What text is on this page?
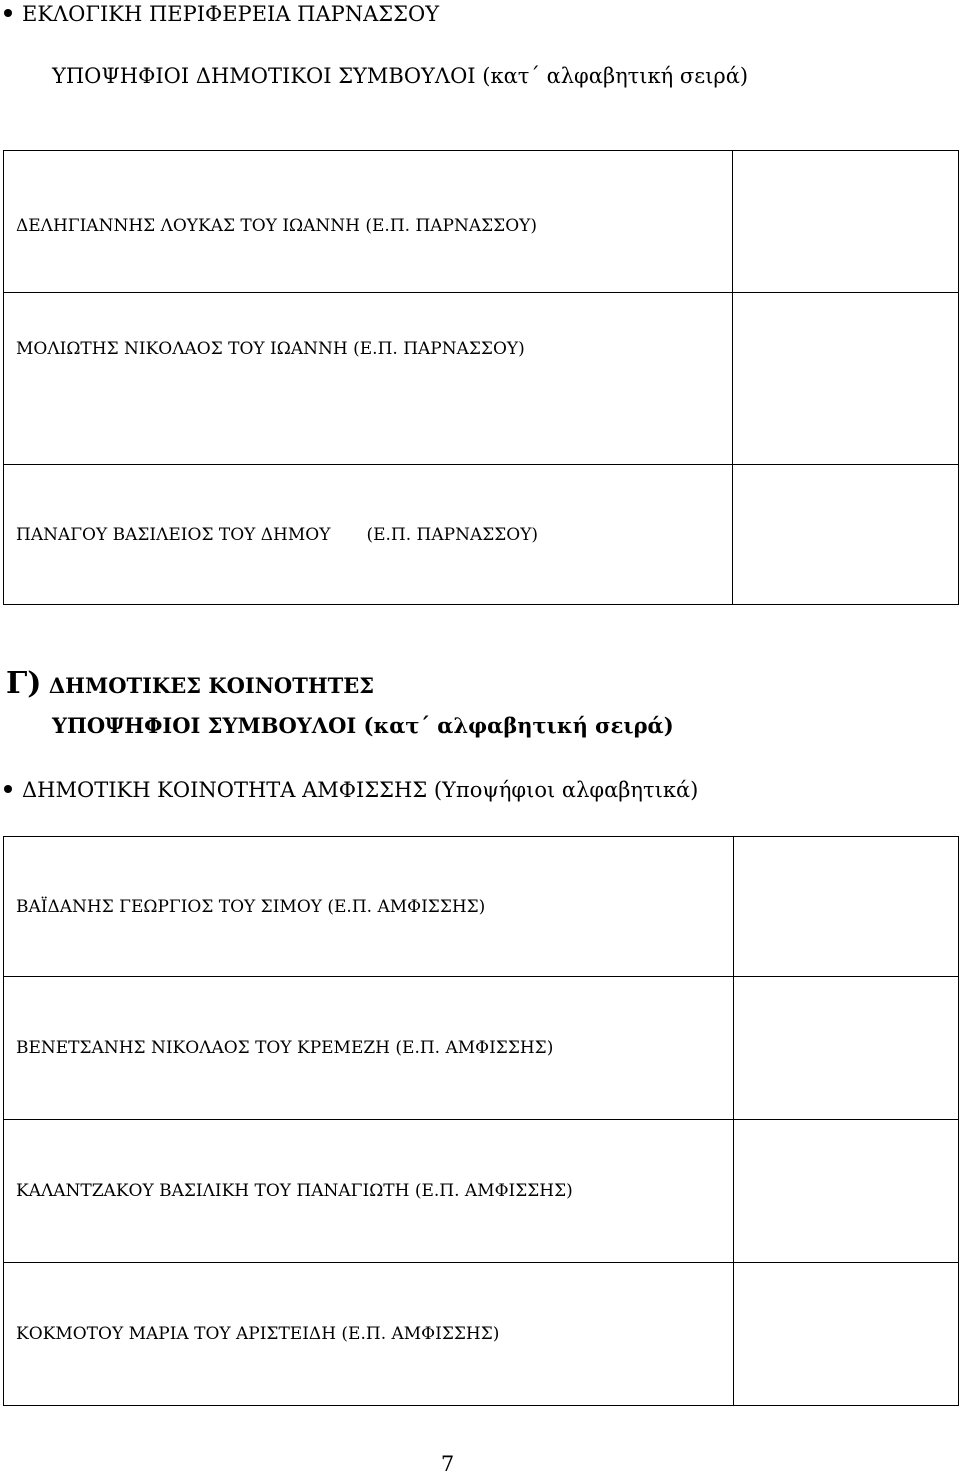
ΕΚΛΟΓΙΚΗ ΠΕΡΙΦΕΡΕΙΑ ΠΑΡΝΑΣΣΟΥ
ΥΠΟΨΗΦΙΟΙ ΔΗΜΟΤΙΚΟΙ ΣΥΜΒΟΥΛΟΙ (κατ΄ αλφαβητική σειρά)
ΔΕΛΗΓΙΑΝΝΗΣ ΛΟΥΚΑΣ ΤΟΥ ΙΩΑΝΝΗ (Ε.Π. ΠΑΡΝΑΣΣΟΥ)	
ΜΟΛΙΩΤΗΣ ΝΙΚΟΛΑΟΣ ΤΟΥ ΙΩΑΝΝΗ (Ε.Π. ΠΑΡΝΑΣΣΟΥ)	
ΠΑΝΑΓΟΥ ΒΑΣΙΛΕΙΟΣ ΤΟΥ ΔΗΜΟΥ (Ε.Π. ΠΑΡΝΑΣΣΟΥ)	
Γ) ΔΗΜΟΤΙΚΕΣ ΚΟΙΝΟΤΗΤΕΣ
ΥΠΟΨΗΦΙΟΙ ΣΥΜΒΟΥΛΟΙ (κατ΄ αλφαβητική σειρά)
ΔΗΜΟΤΙΚΗ ΚΟΙΝΟΤΗΤΑ ΑΜΦΙΣΣΗΣ (Υποψήφιοι αλφαβητικά)
ΒΑΪΔΑΝΗΣ ΓΕΩΡΓΙΟΣ ΤΟΥ ΣΙΜΟΥ (Ε.Π. ΑΜΦΙΣΣΗΣ)	
ΒΕΝΕΤΣΑΝΗΣ ΝΙΚΟΛΑΟΣ ΤΟΥ ΚΡΕΜΕΖΗ (Ε.Π. ΑΜΦΙΣΣΗΣ)	
ΚΑΛΑΝΤΖΑΚΟΥ ΒΑΣΙΛΙΚΗ ΤΟΥ ΠΑΝΑΓΙΩΤΗ (Ε.Π. ΑΜΦΙΣΣΗΣ)	
ΚΟΚΜΟΤΟΥ ΜΑΡΙΑ ΤΟΥ ΑΡΙΣΤΕΙΔΗ (Ε.Π. ΑΜΦΙΣΣΗΣ)	
7
